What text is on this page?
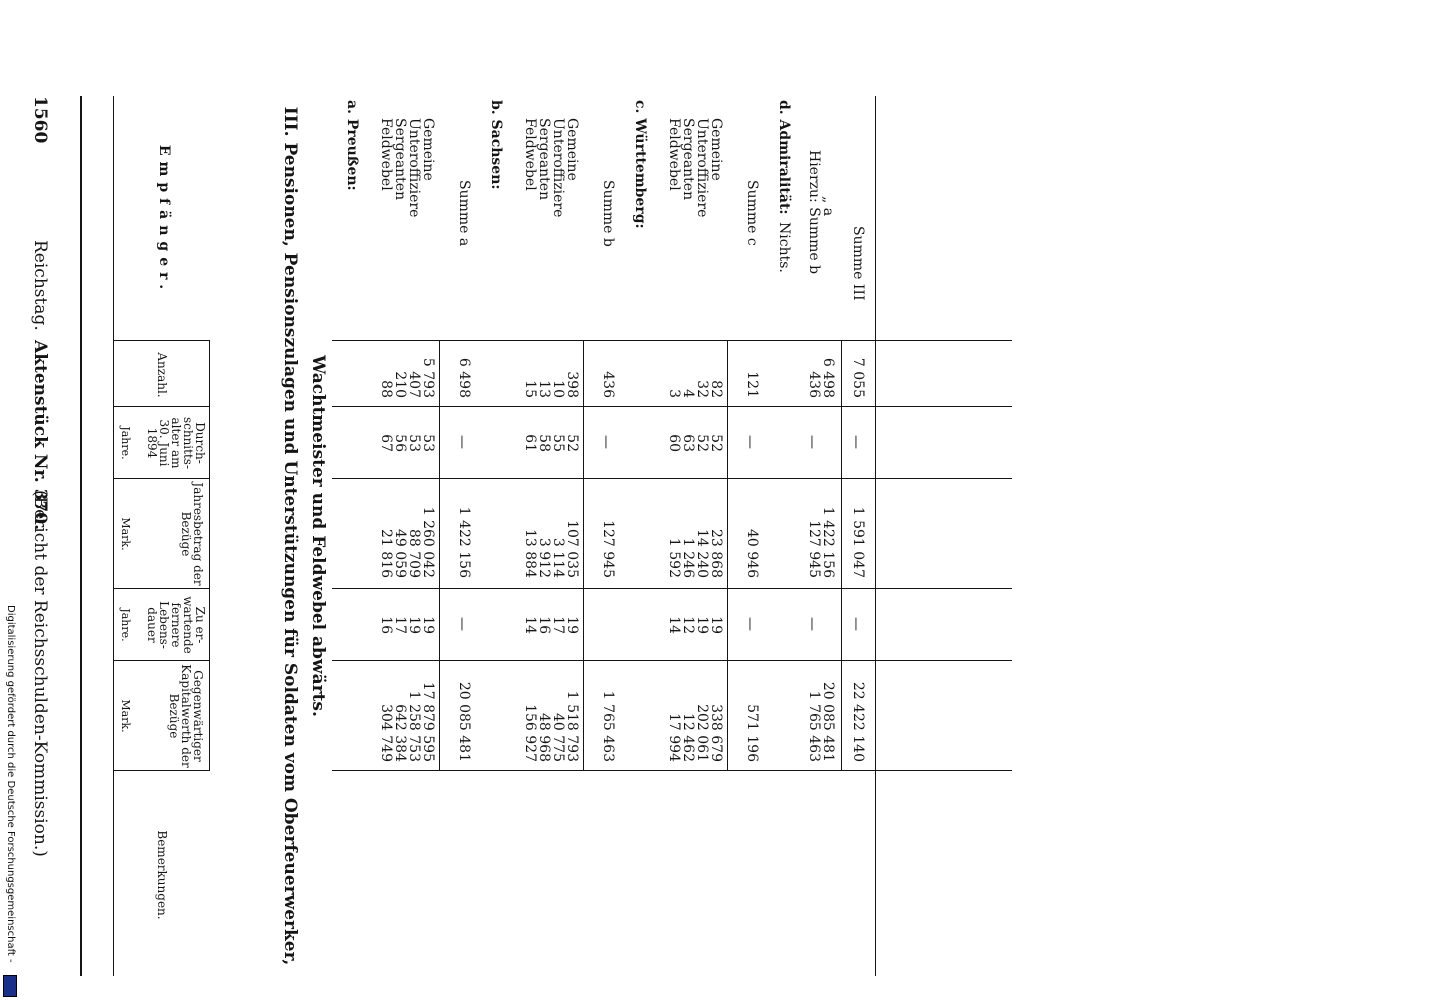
1560
Reichstag.
Aktenstück Nr. 370.
(Bericht der Reichsschulden-Kommission.)
Empfänger.
Anzahl.
Durchschnittsalter am 30. Juni 1894
Jahre.
Jahresbetrag der Bezüge
Mark.
Zu erwartende fernere Lebensdauer
Jahre.
Gegenwärtiger Kapitalwerth der Bezüge
Mark.
Bemerkungen.	III. Pensionen, Pensionszulagen und Unterstützungen für Soldaten vom Oberfeuerwerker, Wachtmeister und Feldwebel abwärts.
a. Preußen: Feldwebel
88
67
21 816
16
304 749
Sergeanten
210
56
49 059
17
642 384
Unteroffiziere
407
53
88 709
19
1 258 753
Gemeine
5 793
53
1 260 042
19
17 879 595
Summe a
6 498
—
1 422 156
—
20 085 481
b. Sachsen: Feldwebel
15
61
13 884
14
156 927
Sergeanten
13
58
3 912
16
48 968
Unteroffiziere
10
55
3 114
17
40 775
Gemeine
398
52
107 035
19
1 518 793
Summe b
436
—
127 945
1 765 463
c. Württemberg: Feldwebel
3
60
1 592
14
17 994
Sergeanten
4
63
1 246
12
12 462
Unteroffiziere
32
52
14 240
19
202 061
Gemeine
82
52
23 868
19
338 679
Summe c
121
—
40 946
—
571 196
d. Admiralität:
Nichts. Hierzu: Summe b
436
—
127 945
—
1 765 463
„ a
6 498
1 422 156
20 085 481
Summe III
7 055
—
1 591 047
—
22 422 140
Digitalisierung gefördert durch die Deutsche Forschungsgemeinschaft -
